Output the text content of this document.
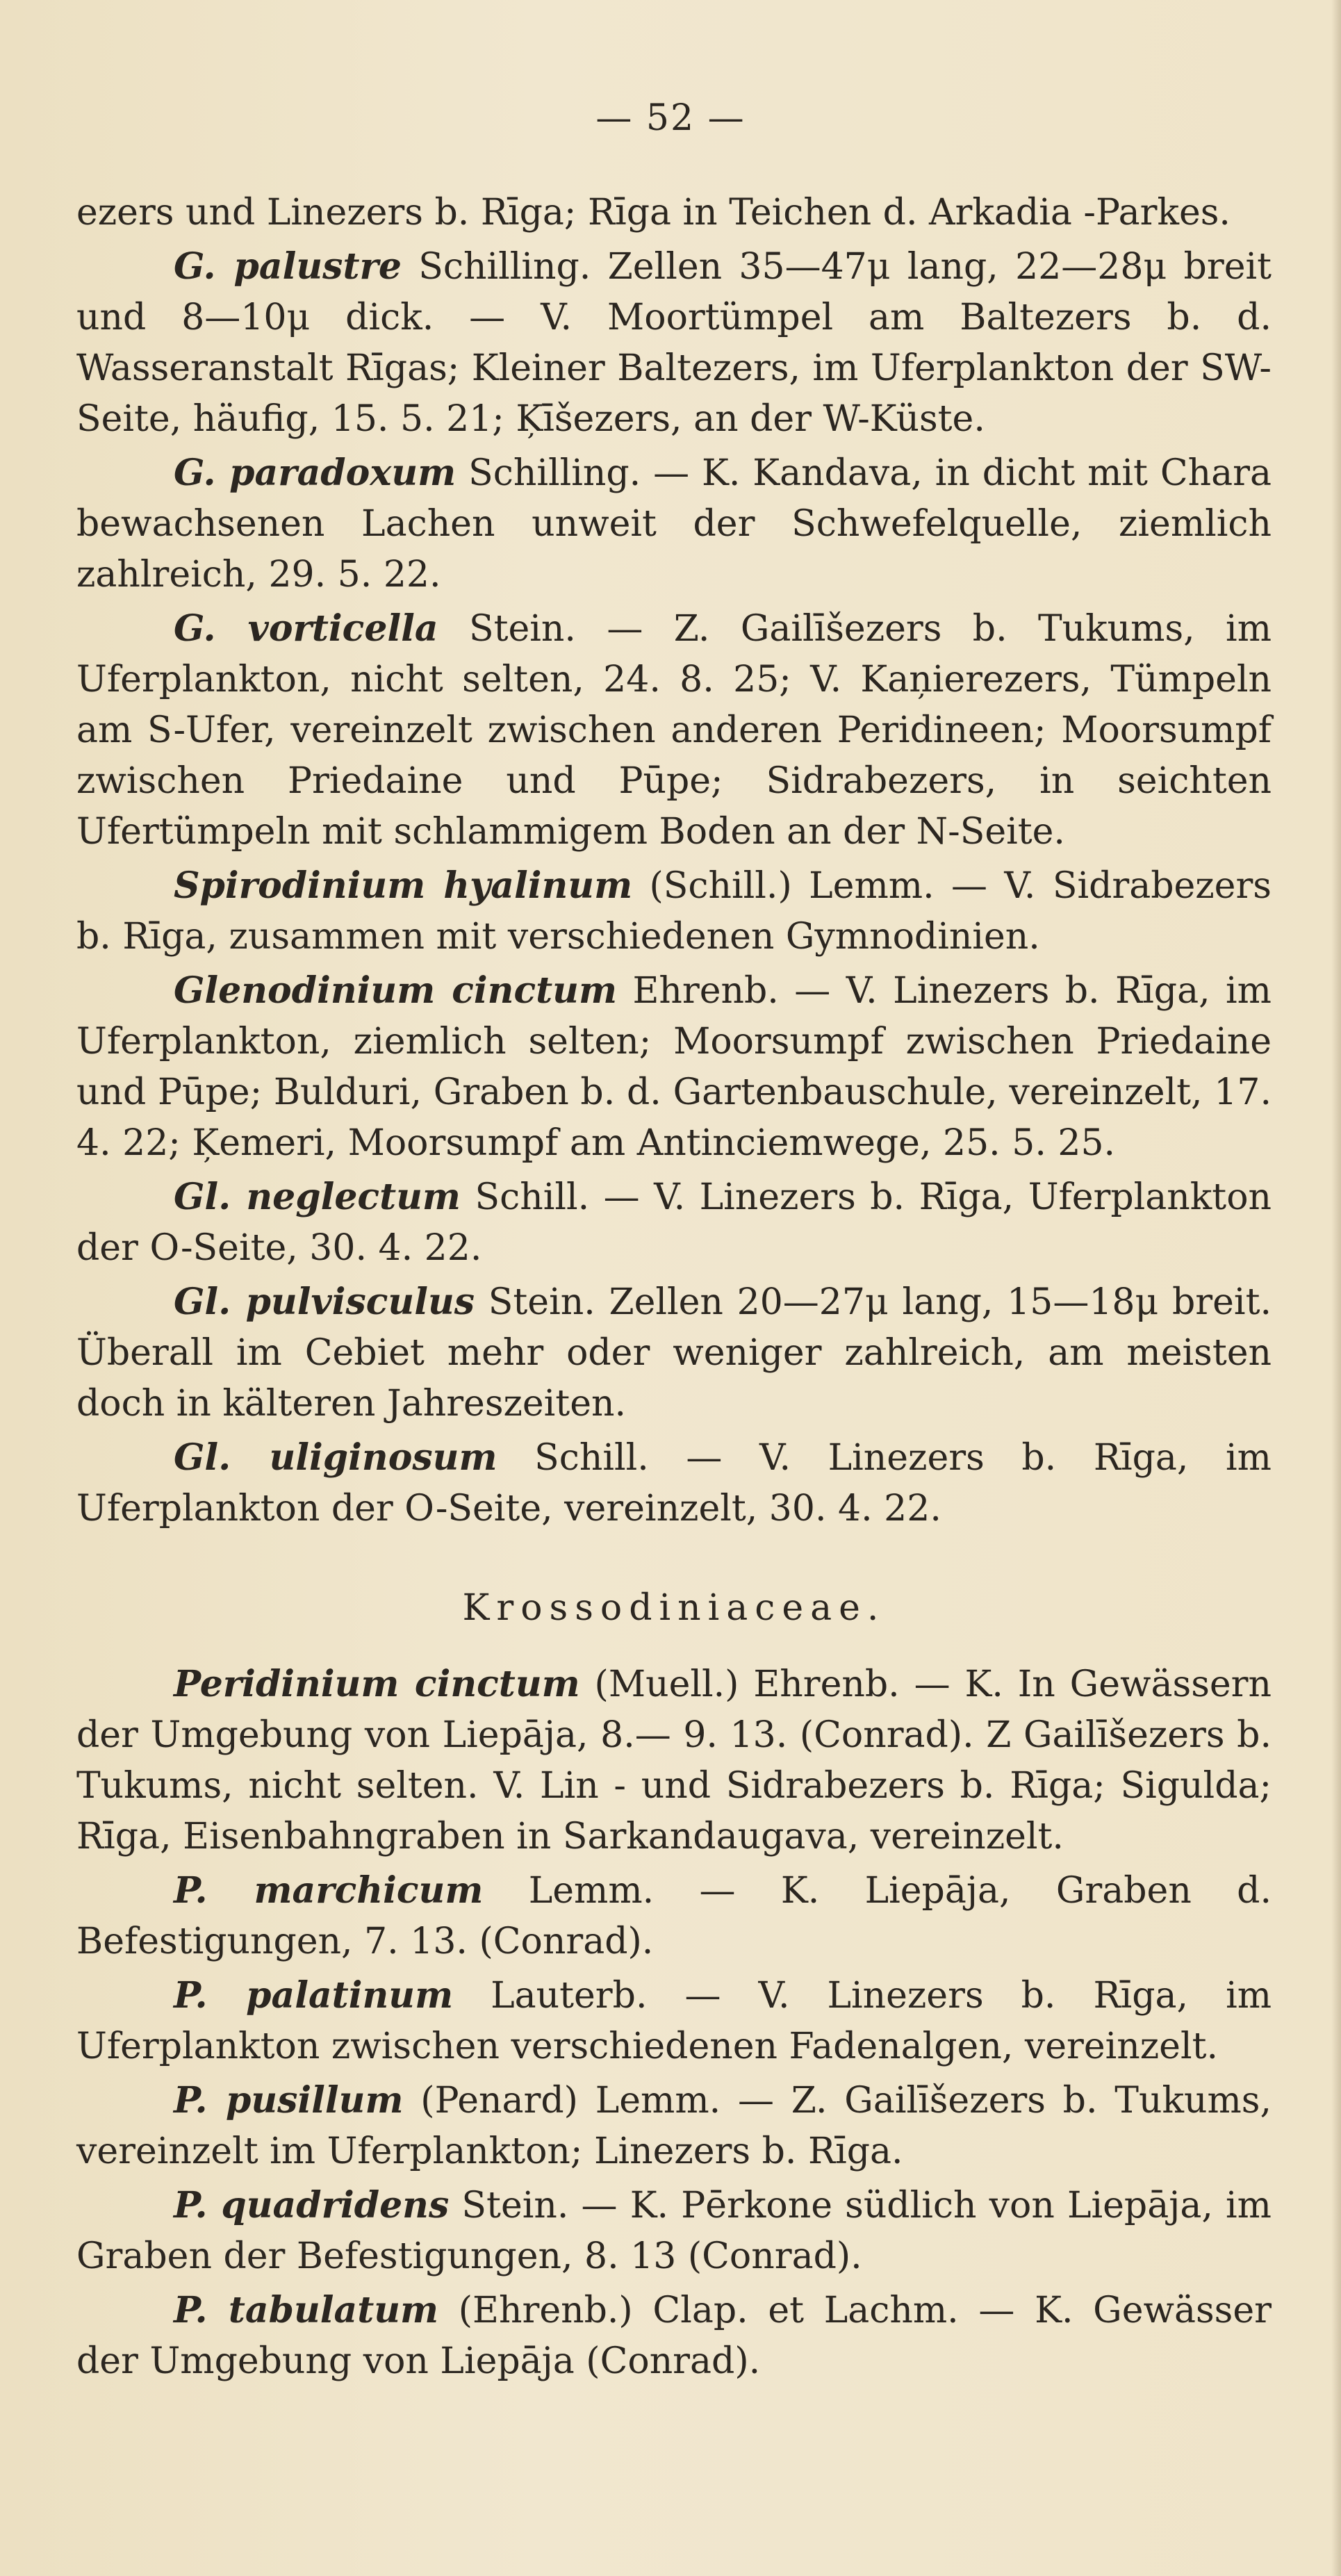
— 52 —

ezers und Linezers b. Rīga; Rīga in Teichen d. Arkadia -Parkes.

G. palustre Schilling. Zellen 35—47μ lang, 22—28μ breit und 8—10μ dick. — V. Moortümpel am Baltezers b. d. Wasseranstalt Rīgas; Kleiner Baltezers, im Uferplankton der SW-Seite, häufig, 15. 5. 21; Ķīšezers, an der W-Küste.

G. paradoxum Schilling. — K. Kandava, in dicht mit Chara bewachsenen Lachen unweit der Schwefelquelle, ziemlich zahlreich, 29. 5. 22.

G. vorticella Stein. — Z. Gailīšezers b. Tukums, im Uferplankton, nicht selten, 24. 8. 25; V. Kaņierezers, Tümpeln am S-Ufer, vereinzelt zwischen anderen Peridineen; Moorsumpf zwischen Priedaine und Pūpe; Sidrabezers, in seichten Ufertümpeln mit schlammigem Boden an der N-Seite.

Spirodinium hyalinum (Schill.) Lemm. — V. Sidrabezers b. Rīga, zusammen mit verschiedenen Gymnodinien.

Glenodinium cinctum Ehrenb. — V. Linezers b. Rīga, im Uferplankton, ziemlich selten; Moorsumpf zwischen Priedaine und Pūpe; Bulduri, Graben b. d. Gartenbauschule, vereinzelt, 17. 4. 22; Ķemeri, Moorsumpf am Antinciemwege, 25. 5. 25.

Gl. neglectum Schill. — V. Linezers b. Rīga, Uferplankton der O-Seite, 30. 4. 22.

Gl. pulvisculus Stein. Zellen 20—27μ lang, 15—18μ breit. Überall im Cebiet mehr oder weniger zahlreich, am meisten doch in kälteren Jahreszeiten.

Gl. uliginosum Schill. — V. Linezers b. Rīga, im Uferplankton der O-Seite, vereinzelt, 30. 4. 22.

Krossodiniaceae.

Peridinium cinctum (Muell.) Ehrenb. — K. In Gewässern der Umgebung von Liepāja, 8.— 9. 13. (Conrad). Z Gailīšezers b. Tukums, nicht selten. V. Lin - und Sidrabezers b. Rīga; Sigulda; Rīga, Eisenbahngraben in Sarkandaugava, vereinzelt.

P. marchicum Lemm. — K. Liepāja, Graben d. Befestigungen, 7. 13. (Conrad).

P. palatinum Lauterb. — V. Linezers b. Rīga, im Uferplankton zwischen verschiedenen Fadenalgen, vereinzelt.

P. pusillum (Penard) Lemm. — Z. Gailīšezers b. Tukums, vereinzelt im Uferplankton; Linezers b. Rīga.

P. quadridens Stein. — K. Pērkone südlich von Liepāja, im Graben der Befestigungen, 8. 13 (Conrad).

P. tabulatum (Ehrenb.) Clap. et Lachm. — K. Gewässer der Umgebung von Liepāja (Conrad).
